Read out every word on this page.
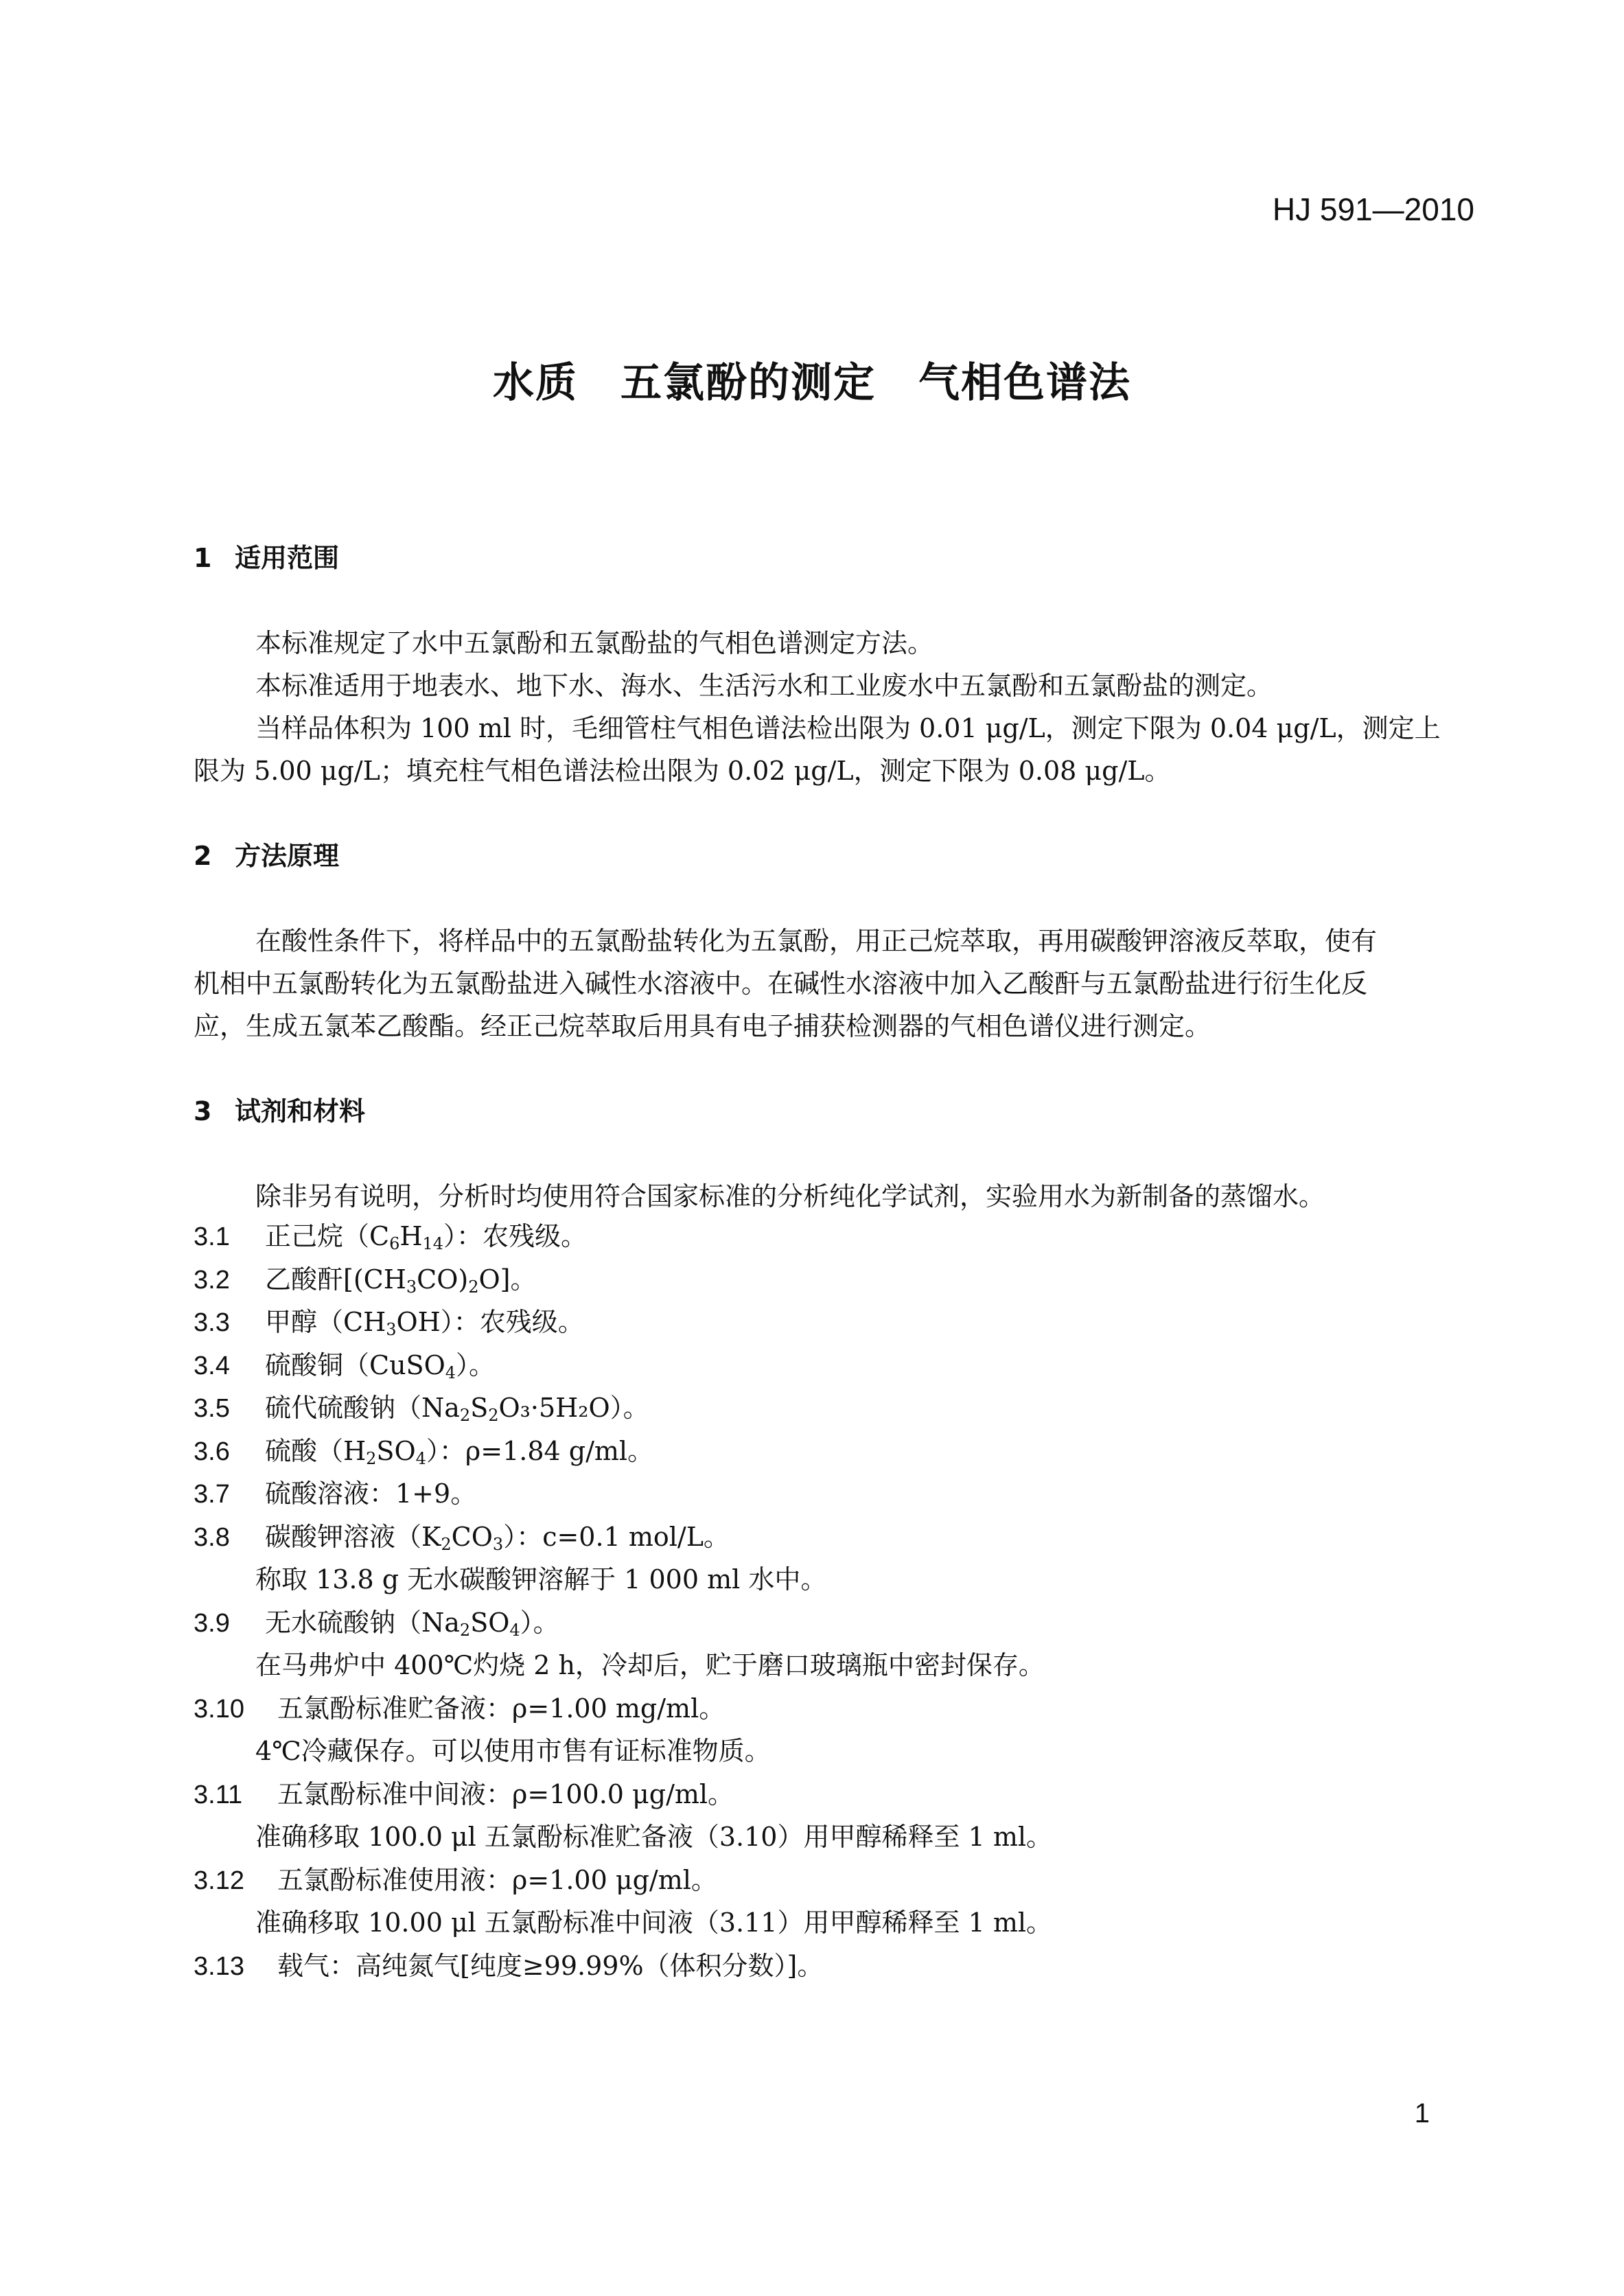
HJ 591—2010
水质　五氯酚的测定　气相色谱法
1 适用范围
本标准规定了水中五氯酚和五氯酚盐的气相色谱测定方法。
本标准适用于地表水、地下水、海水、生活污水和工业废水中五氯酚和五氯酚盐的测定。
当样品体积为 100 ml 时，毛细管柱气相色谱法检出限为 0.01 μg/L，测定下限为 0.04 μg/L，测定上
限为 5.00 μg/L；填充柱气相色谱法检出限为 0.02 μg/L，测定下限为 0.08 μg/L。
2 方法原理
在酸性条件下，将样品中的五氯酚盐转化为五氯酚，用正己烷萃取，再用碳酸钾溶液反萃取，使有
机相中五氯酚转化为五氯酚盐进入碱性水溶液中。在碱性水溶液中加入乙酸酐与五氯酚盐进行衍生化反
应，生成五氯苯乙酸酯。经正己烷萃取后用具有电子捕获检测器的气相色谱仪进行测定。
3 试剂和材料
除非另有说明，分析时均使用符合国家标准的分析纯化学试剂，实验用水为新制备的蒸馏水。
3.1 正己烷$(C_6H_{14})$：农残级。
3.2 乙酸酐$[(CH_3CO)_2O]$。
3.3 甲醇$(CH_3OH)$：农残级。
3.4 硫酸铜（CuSO$_4$）。
3.5 硫代硫酸钠$(Na_2S_2O_3\cdot 5H_2O)$。
3.6 硫酸$(H_2SO_4)$：ρ=1.84 g/ml。
3.7 硫酸溶液：1+9。
3.8 碳酸钾溶液$(K_2CO_3)$：c=0.1 mol/L。
称取 13.8 g 无水碳酸钾溶解于 1 000 ml 水中。
3.9 无水硫酸钠$(Na_2SO_4)$。
在马弗炉中 400℃灼烧 2 h，冷却后，贮于磨口玻璃瓶中密封保存。
3.10 五氯酚标准贮备液：ρ=1.00 mg/ml。
4℃冷藏保存。可以使用市售有证标准物质。
3.11 五氯酚标准中间液：ρ=100.0 μg/ml。
准确移取 100.0 μl 五氯酚标准贮备液（3.10）用甲醇稀释至 1 ml。
3.12 五氯酚标准使用液：ρ=1.00 μg/ml。
准确移取 10.00 μl 五氯酚标准中间液（3.11）用甲醇稀释至 1 ml。
3.13 载气：高纯氮气[纯度≥99.99%（体积分数）]。
1
